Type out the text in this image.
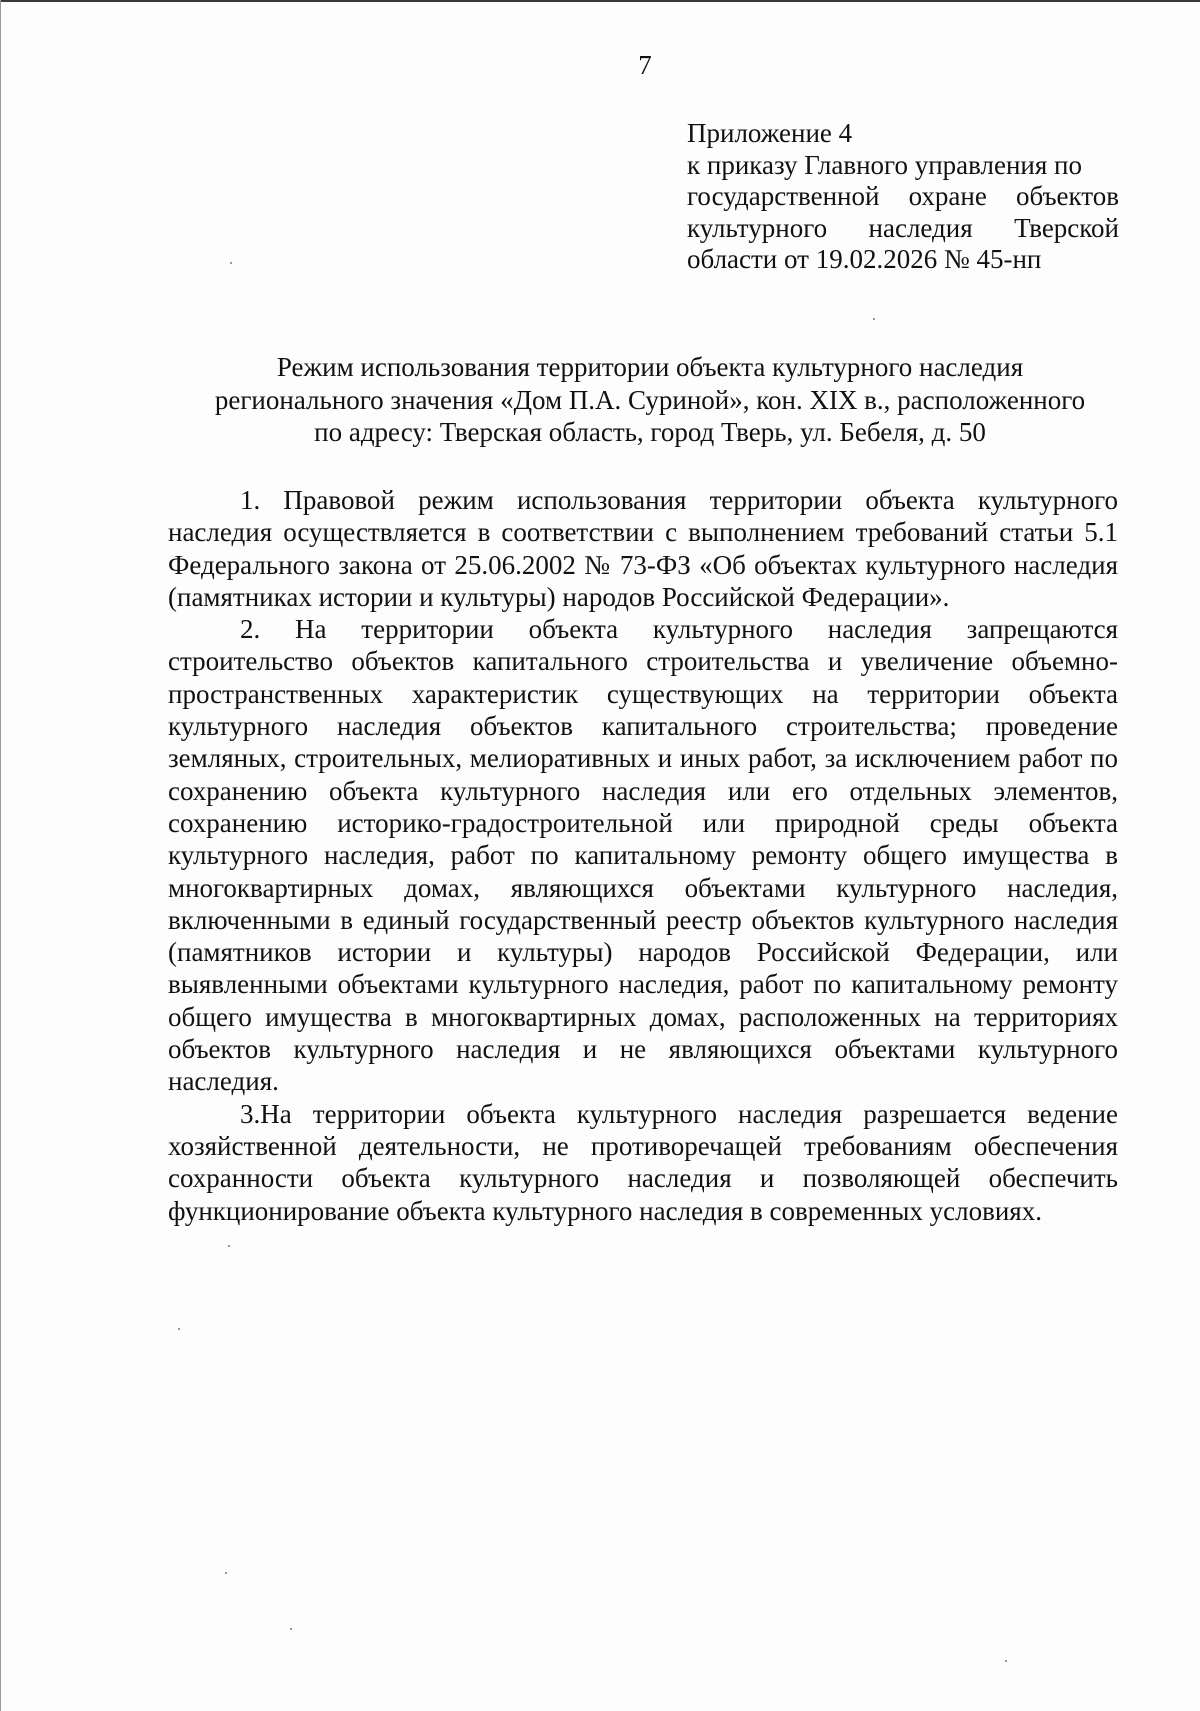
7
Приложение 4
к приказу Главного управления по
государственной охране объектов
культурного наследия Тверской
области от 19.02.2026 № 45-нп
Режим использования территории объекта культурного наследия
регионального значения «Дом П.А. Суриной», кон. XIX в., расположенного
по адресу: Тверская область, город Тверь, ул. Бебеля, д. 50

1. Правовой режим использования территории объекта культурного наследия осуществляется в соответствии с выполнением требований статьи 5.1 Федерального закона от 25.06.2002 № 73-ФЗ «Об объектах культурного наследия (памятниках истории и культуры) народов Российской Федерации».

2. На территории объекта культурного наследия запрещаются строительство объектов капитального строительства и увеличение объемно-пространственных характеристик существующих на территории объекта культурного наследия объектов капитального строительства; проведение земляных, строительных, мелиоративных и иных работ, за исключением работ по сохранению объекта культурного наследия или его отдельных элементов, сохранению историко-градостроительной или природной среды объекта культурного наследия, работ по капитальному ремонту общего имущества в многоквартирных домах, являющихся объектами культурного наследия, включенными в единый государственный реестр объектов культурного наследия (памятников истории и культуры) народов Российской Федерации, или выявленными объектами культурного наследия, работ по капитальному ремонту общего имущества в многоквартирных домах, расположенных на территориях объектов культурного наследия и не являющихся объектами культурного наследия.

3.На территории объекта культурного наследия разрешается ведение хозяйственной деятельности, не противоречащей требованиям обеспечения сохранности объекта культурного наследия и позволяющей обеспечить функционирование объекта культурного наследия в современных условиях.
